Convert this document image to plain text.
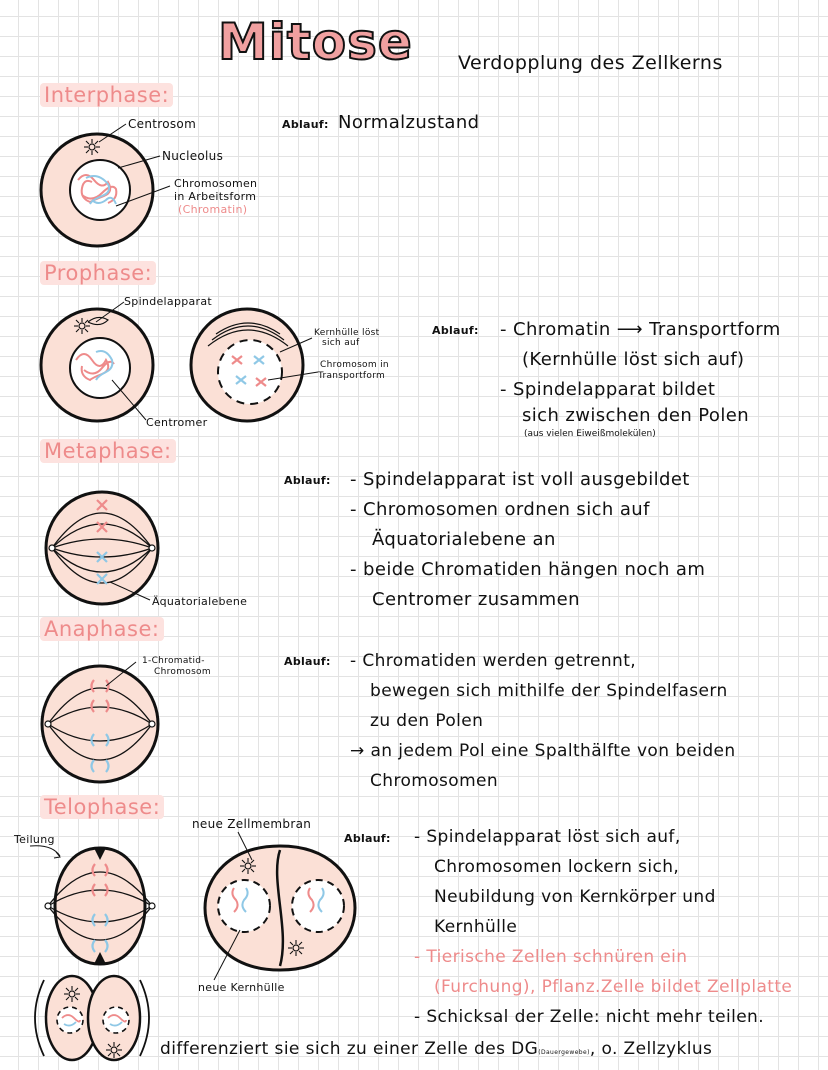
Mitose Verdopplung des Zellkerns
Interphase:
Centrosom
Nucleolus
Chromosomen
in Arbeitsform
(Chromatin)
Ablauf: Normalzustand
Prophase:
Spindelapparat
Centromer
Kernhülle löst
sich auf
Chromosom in
Transportform
Ablauf: - Chromatin ⟶ Transportform
(Kernhülle löst sich auf)
- Spindelapparat bildet
sich zwischen den Polen
(aus vielen Eiweißmolekülen)
Metaphase:
Äquatorialebene
Ablauf: - Spindelapparat ist voll ausgebildet
- Chromosomen ordnen sich auf
Äquatorialebene an
- beide Chromatiden hängen noch am
Centromer zusammen
Anaphase:
1-Chromatid-
Chromosom
Ablauf: - Chromatiden werden getrennt,
bewegen sich mithilfe der Spindelfasern
zu den Polen
→ an jedem Pol eine Spalthälfte von beiden
Chromosomen
Telophase:
Teilung
neue Zellmembran
neue Kernhülle
Ablauf: - Spindelapparat löst sich auf,
Chromosomen lockern sich,
Neubildung von Kernkörper und
Kernhülle
- Tierische Zellen schnüren ein
(Furchung), Pflanz.Zelle bildet Zellplatte
- Schicksal der Zelle: nicht mehr teilen.
differenziert sie sich zu einer Zelle des DG(Dauergewebe), o. Zellzyklus
